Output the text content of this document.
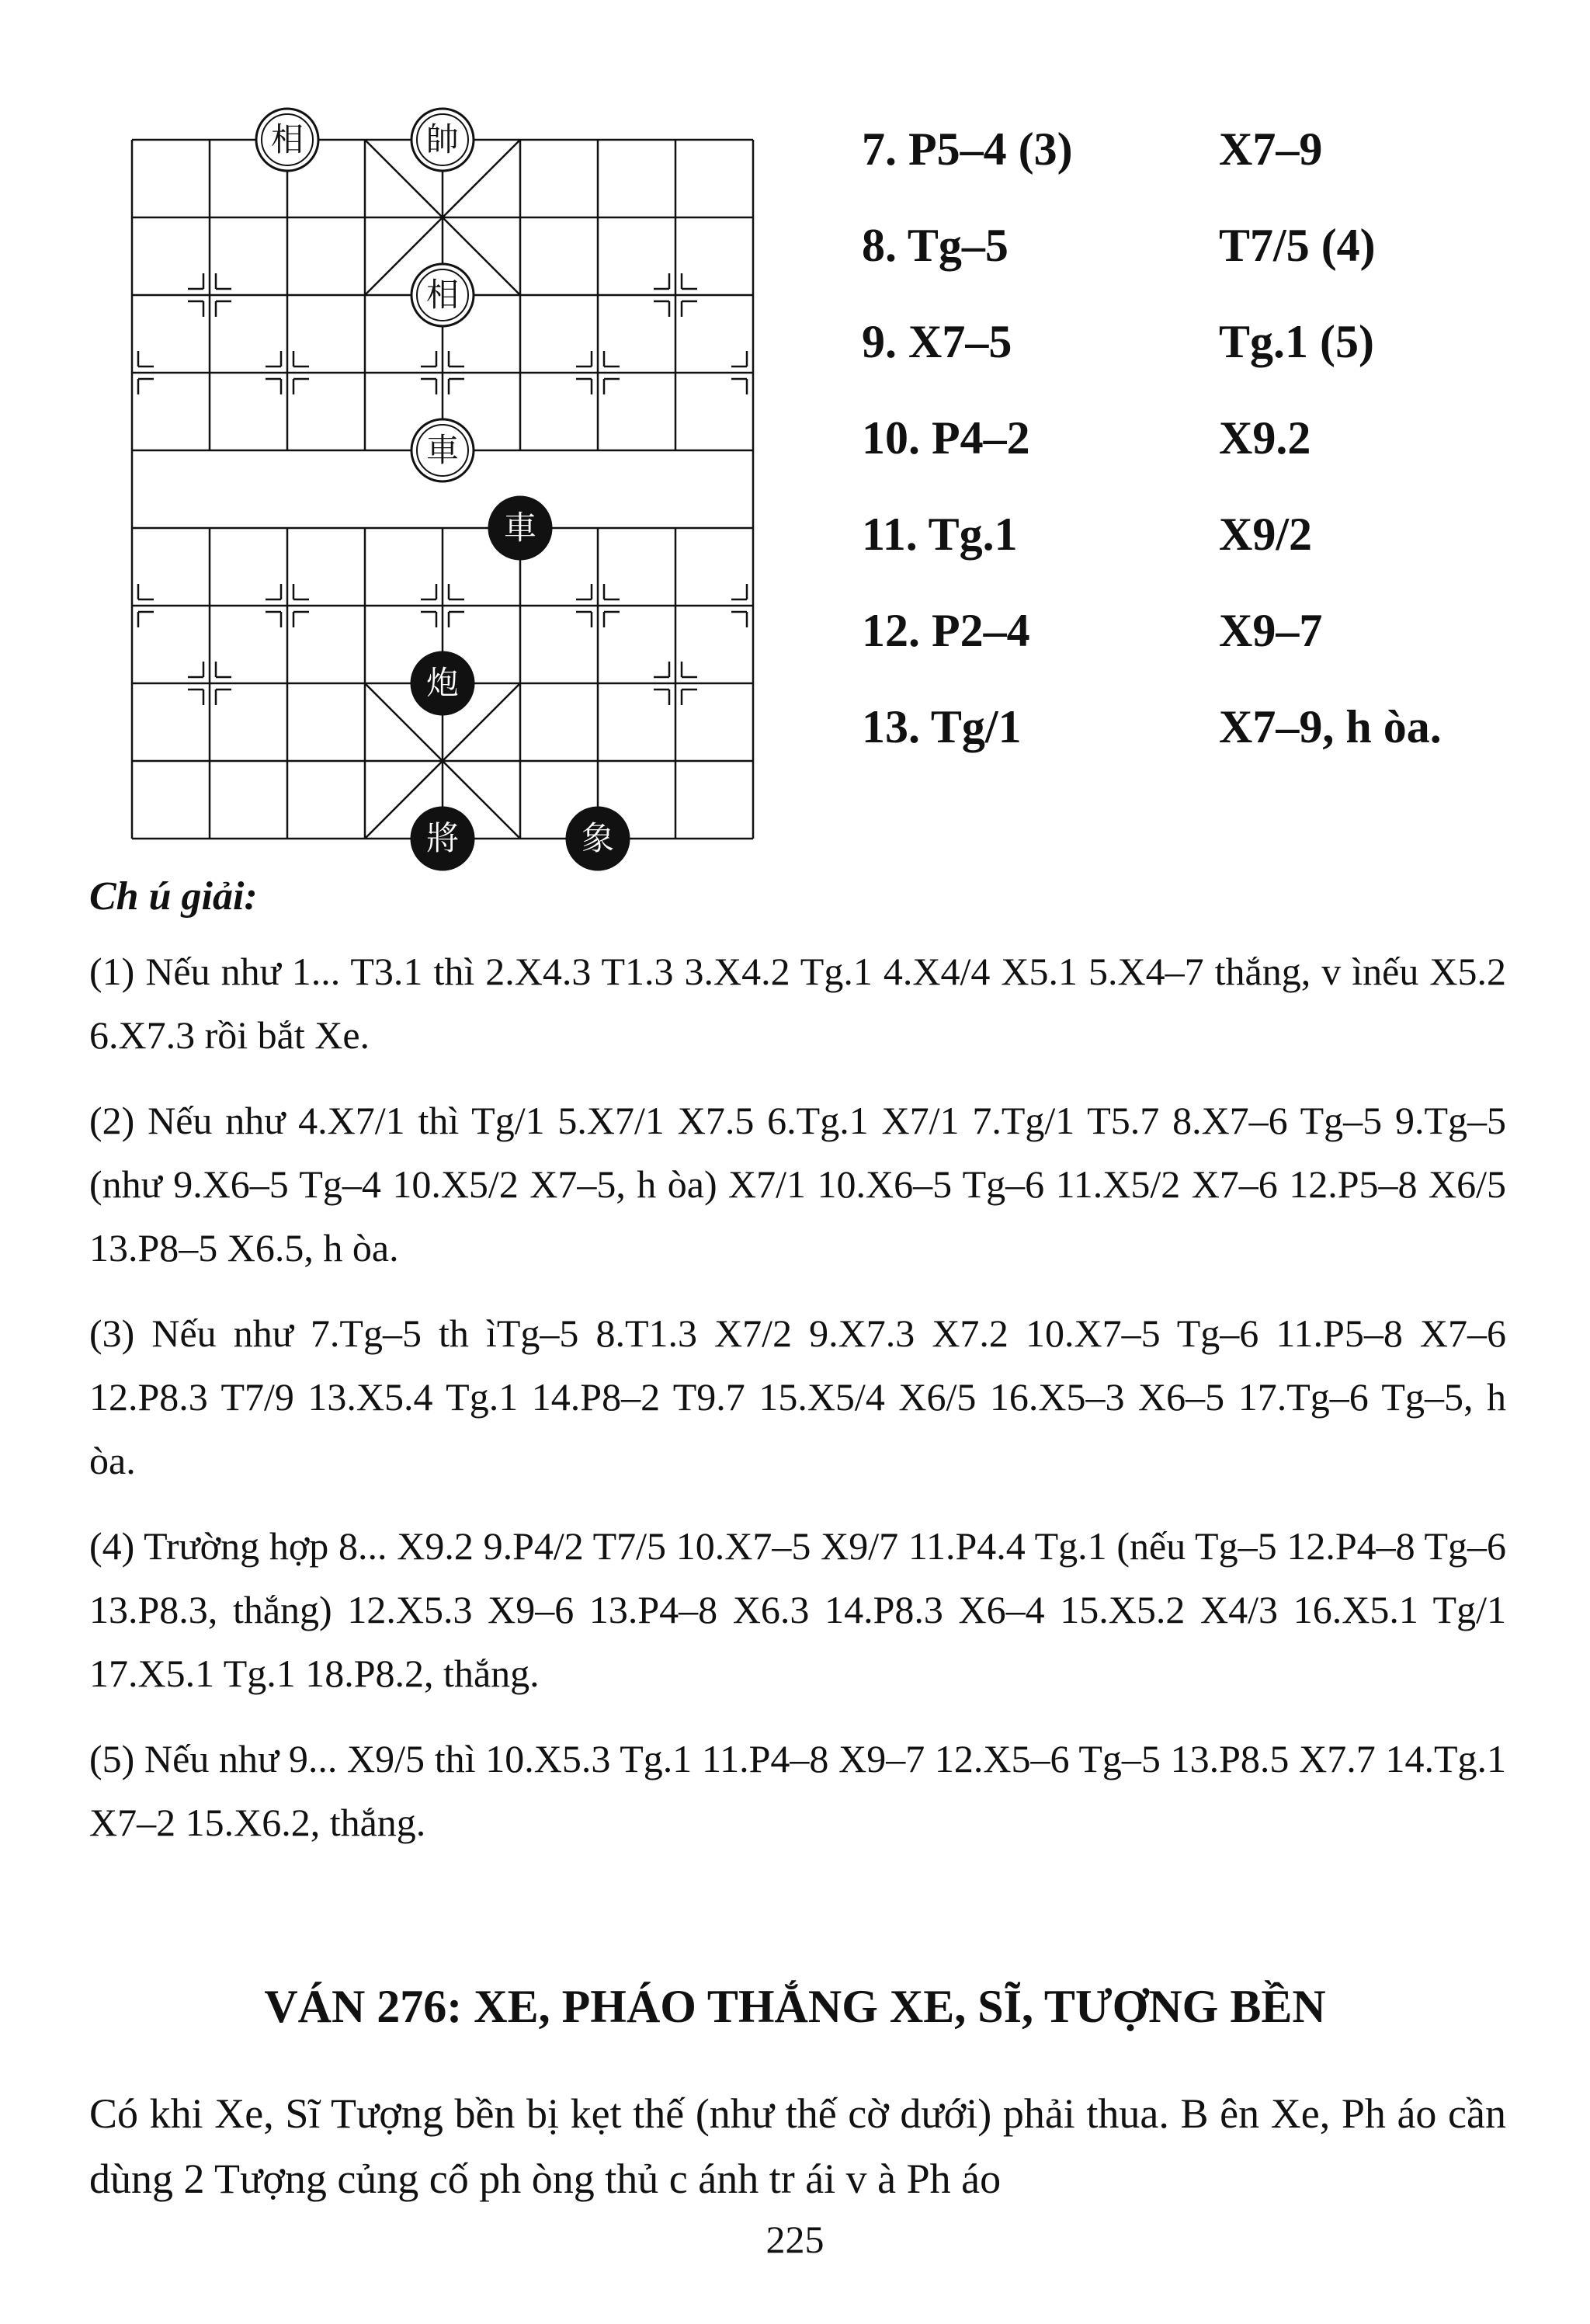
相	帥
相
車
車
炮
將	象
7. P5–4 (3)	X7–9
8. Tg–5	T7/5 (4)
9. X7–5	Tg.1 (5)
10. P4–2	X9.2
11. Tg.1	X9/2
12. P2–4	X9–7
13. Tg/1	X7–9, h òa.
Ch ú giải:

(1) Nếu như 1... T3.1 thì 2.X4.3 T1.3 3.X4.2 Tg.1 4.X4/4 X5.1 5.X4–7 thắng, v ìnếu X5.2 6.X7.3 rồi bắt Xe.

(2) Nếu như 4.X7/1 thì Tg/1 5.X7/1 X7.5 6.Tg.1 X7/1 7.Tg/1 T5.7 8.X7–6 Tg–5 9.Tg–5 (như 9.X6–5 Tg–4 10.X5/2 X7–5, h òa) X7/1 10.X6–5 Tg–6 11.X5/2 X7–6 12.P5–8 X6/5 13.P8–5 X6.5, h òa.

(3) Nếu như 7.Tg–5 th ìTg–5 8.T1.3 X7/2 9.X7.3 X7.2 10.X7–5 Tg–6 11.P5–8 X7–6 12.P8.3 T7/9 13.X5.4 Tg.1 14.P8–2 T9.7 15.X5/4 X6/5 16.X5–3 X6–5 17.Tg–6 Tg–5, h òa.

(4) Trường hợp 8... X9.2 9.P4/2 T7/5 10.X7–5 X9/7 11.P4.4 Tg.1 (nếu Tg–5 12.P4–8 Tg–6 13.P8.3, thắng) 12.X5.3 X9–6 13.P4–8 X6.3 14.P8.3 X6–4 15.X5.2 X4/3 16.X5.1 Tg/1 17.X5.1 Tg.1 18.P8.2, thắng.

(5) Nếu như 9... X9/5 thì 10.X5.3 Tg.1 11.P4–8 X9–7 12.X5–6 Tg–5 13.P8.5 X7.7 14.Tg.1 X7–2 15.X6.2, thắng.

VÁN 276: XE, PHÁO THẮNG XE, SĨ, TƯỢNG BỀN
Có khi Xe, Sĩ Tượng bền bị kẹt thế (như thế cờ dưới) phải thua. B ên Xe, Ph áo cần dùng 2 Tượng củng cố ph òng thủ c ánh tr ái v à Ph áo
225
